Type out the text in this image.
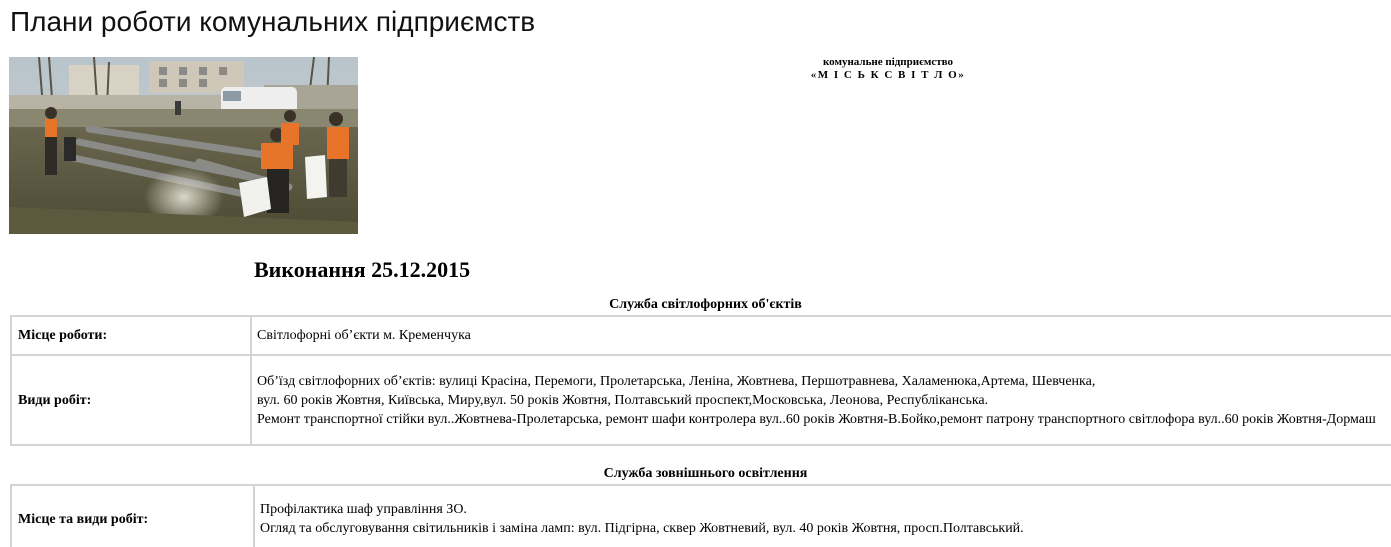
Плани роботи комунальних підприємств
комунальне підприємство
«М І С Ь К С В І Т Л О»
Виконання 25.12.2015
Служба світлофорних об'єктів
Місце роботи:	Світлофорні об’єкти м. Кременчука

Види робіт:	Об’їзд світлофорних об’єктів: вулиці Красіна, Перемоги, Пролетарська, Леніна, Жовтнева, Першотравнева, Халаменюка,Артема, Шевченка,
вул. 60 років Жовтня, Київська, Миру,вул. 50 років Жовтня, Полтавський проспект,Московська, Леонова, Республіканська.
Ремонт транспортної стійки вул..Жовтнева-Пролетарська, ремонт шафи контролера вул..60 років Жовтня-В.Бойко,ремонт патрону транспортного світлофора вул..60 років Жовтня-Дормаш
Служба зовнішнього освітлення
Місце та види робіт:	
Профілактика шаф управління ЗО.
Огляд та обслуговування світильників і заміна ламп: вул. Підгірна, сквер Жовтневий, вул. 40 років Жовтня, просп.Полтавський.
